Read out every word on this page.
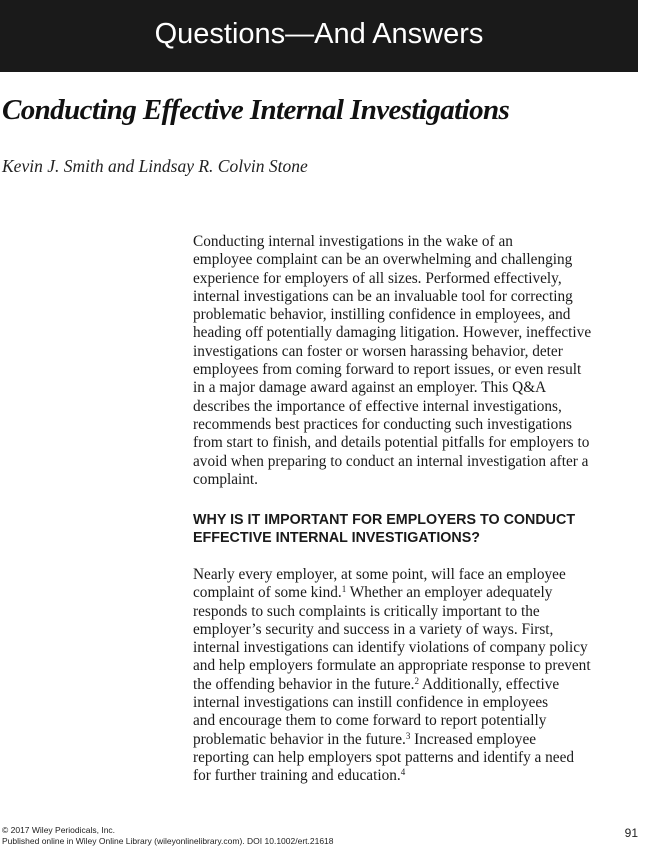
Questions—And Answers
Conducting Effective Internal Investigations
Kevin J. Smith and Lindsay R. Colvin Stone

Conducting internal investigations in the wake of an

employee complaint can be an overwhelming and challenging

experience for employers of all sizes. Performed effectively,

internal investigations can be an invaluable tool for correcting

problematic behavior, instilling confidence in employees, and

heading off potentially damaging litigation. However, ineffective

investigations can foster or worsen harassing behavior, deter

employees from coming forward to report issues, or even result

in a major damage award against an employer. This Q&A

describes the importance of effective internal investigations,

recommends best practices for conducting such investigations

from start to finish, and details potential pitfalls for employers to

avoid when preparing to conduct an internal investigation after a

complaint.

WHY IS IT IMPORTANT FOR EMPLOYERS TO CONDUCT
EFFECTIVE INTERNAL INVESTIGATIONS?

Nearly every employer, at some point, will face an employee

complaint of some kind.$^1$ Whether an employer adequately

responds to such complaints is critically important to the

employer’s security and success in a variety of ways. First,

internal investigations can identify violations of company policy

and help employers formulate an appropriate response to prevent

the offending behavior in the future.$^2$ Additionally, effective

internal investigations can instill confidence in employees

and encourage them to come forward to report potentially

problematic behavior in the future.$^3$ Increased employee

reporting can help employers spot patterns and identify a need

for further training and education.$^4$

© 2017 Wiley Periodicals, Inc.
Published online in Wiley Online Library (wileyonlinelibrary.com). DOI 10.1002/ert.21618
91
